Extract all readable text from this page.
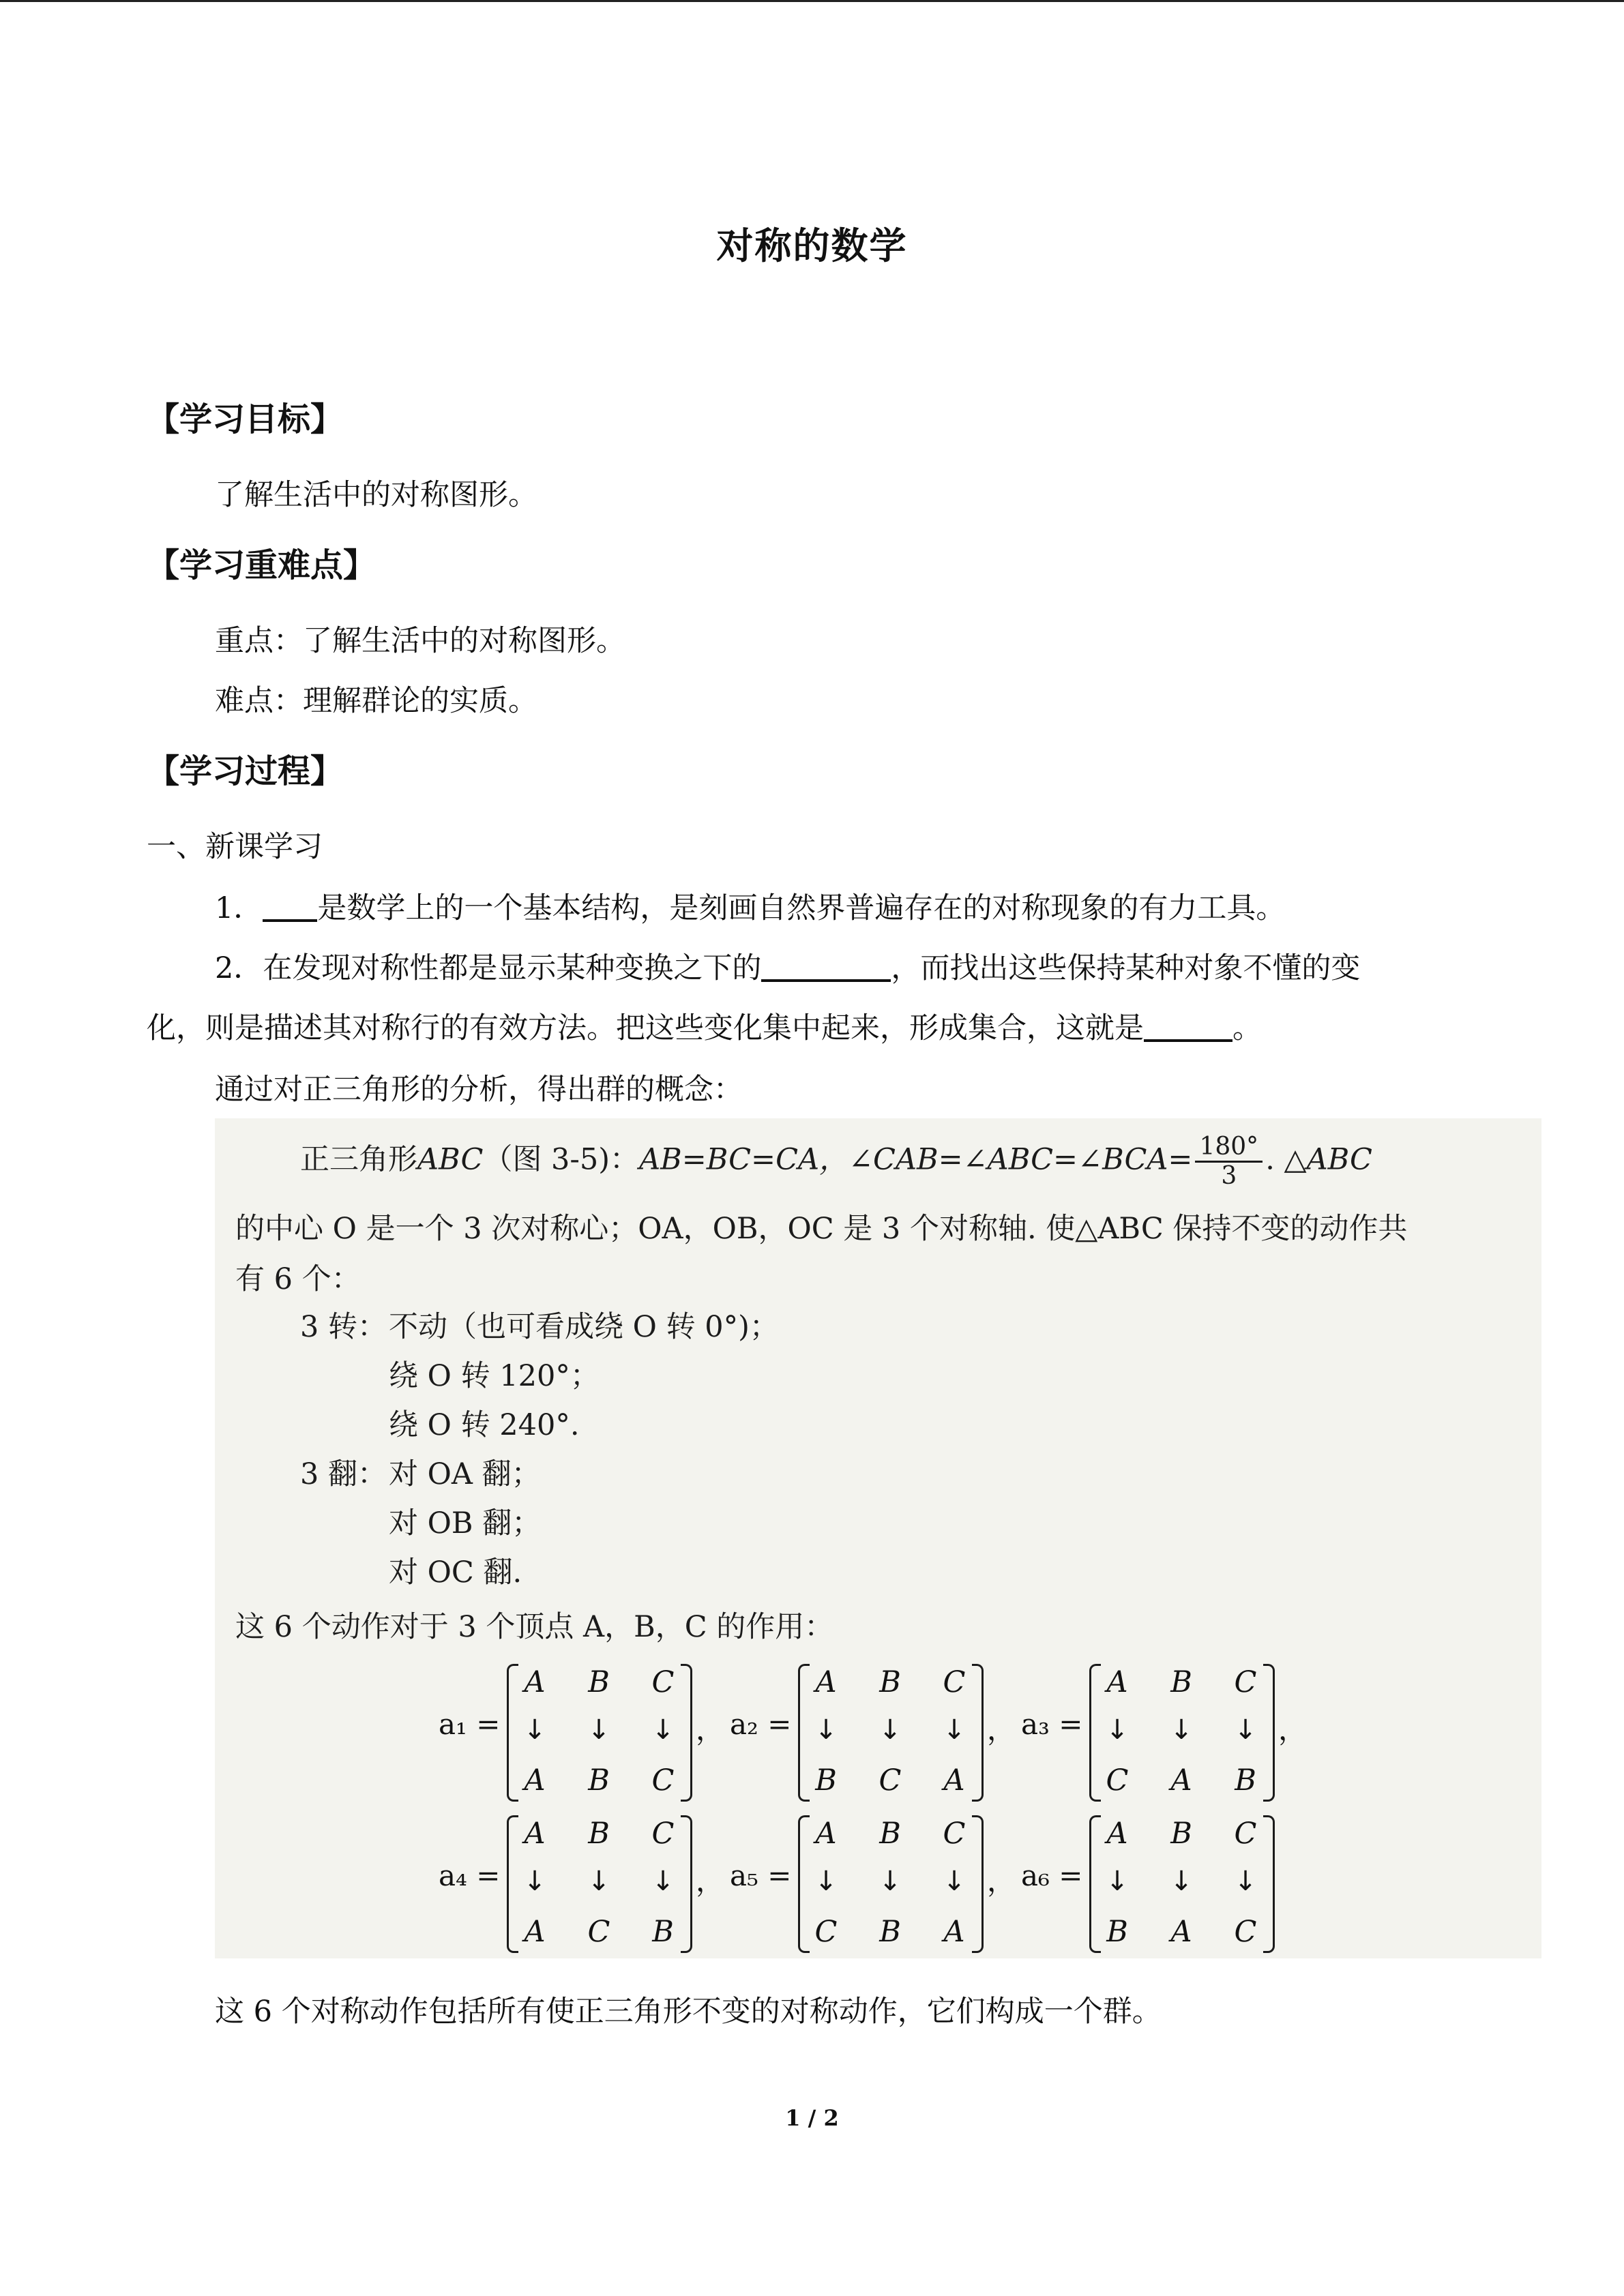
对称的数学
【学习目标】
了解生活中的对称图形。
【学习重难点】
重点：了解生活中的对称图形。
难点：理解群论的实质。
【学习过程】
一、新课学习
1． 是数学上的一个基本结构，是刻画自然界普遍存在的对称现象的有力工具。
2．在发现对称性都是显示某种变换之下的	，而找出这些保持某种对象不懂的变
化，则是描述其对称行的有效方法。把这些变化集中起来，形成集合，这就是	。
通过对正三角形的分析，得出群的概念：
正三角形ABC（图 3-5)：AB=BC=CA，∠CAB=∠ABC=∠BCA= $\frac{180^\circ}{3}$ . △ABC
的中心 O 是一个 3 次对称心；OA，OB，OC 是 3 个对称轴. 使△ABC 保持不变的动作共
有 6 个：
3 转： 不动（也可看成绕 O 转 0°)；
绕 O 转 120°；
绕 O 转 240°.
3 翻： 对 OA 翻；
对 OB 翻；
对 OC 翻.
这 6 个动作对于 3 个顶点 A，B，C 的作用：
a₁ =
A B C
↓ ↓ ↓
A B C
， a₂ =
A B C
↓ ↓ ↓
B C A
， a₃ =
A B C
↓ ↓ ↓
C A B
，
a₄ =
A B C
↓ ↓ ↓
A C B
， a₅ =
A B C
↓ ↓ ↓
C B A
， a₆ =
A B C
↓ ↓ ↓
B A C
这 6 个对称动作包括所有使正三角形不变的对称动作，它们构成一个群。
1 / 2
